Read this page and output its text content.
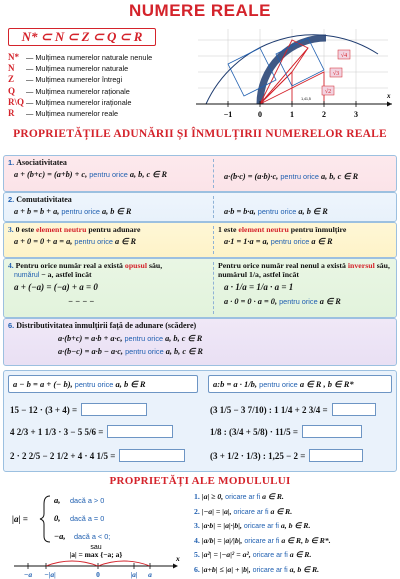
NUMERE REALE
N* ⊂ N ⊂ Z ⊂ Q ⊂ R
N* — Mulțimea numerelor naturale nenule
N — Mulțimea numerelor naturale
Z — Mulțimea numerelor întregi
Q — Mulțimea numerelor raționale
R\Q — Mulțimea numerelor iraționale
R — Mulțimea numerelor reale
√4
√3
√2
−1	0	1	2	3
1,41,5	x
PROPRIETĂȚILE ADUNĂRII ȘI ÎNMULȚIRII NUMERELOR REALE
1. Asociativitatea
a + (b+c) = (a+b) + c, pentru orice a, b, c ∈ R	a·(b·c) = (a·b)·c, pentru orice a, b, c ∈ R
2. Comutativitatea
a + b = b + a, pentru orice a, b ∈ R	a·b = b·a, pentru orice a, b ∈ R
3. 0 este element neutru pentru adunare
a + 0 = 0 + a = a, pentru orice a ∈ R
1 este element neutru pentru înmulțire
a·1 = 1·a = a, pentru orice a ∈ R
4. Pentru orice număr real a există opusul său,
numărul − a, astfel încât
a + (−a) = (−a) + a = 0
− − − −
Pentru orice număr real nenul a există inversul său, numărul 1/a, astfel încât
a · 1/a = 1/a · a = 1
a · 0 = 0 · a = 0, pentru orice a ∈ R
6. Distributivitatea înmulțirii față de adunare (scădere)
a·(b+c) = a·b + a·c, pentru orice a, b, c ∈ R
a·(b−c) = a·b − a·c, pentru orice a, b, c ∈ R
a − b = a + (− b), pentru orice a, b ∈ R	a:b = a · 1/b, pentru orice a ∈ R , b ∈ R*
15 − 12 · (3 + 4) =
4 2/3 + 1 1/3 · 3 − 5 5/6 =
2 · 2 2/5 − 2 1/2 + 4 · 4 1/5 =
(3 1/5 − 3 7/10) : 1 1/4 + 2 3/4 =
1/8 : (3/4 + 5/8) · 11/5 =
(3 + 1/2 · 1/3) : 1,25 − 2 =
PROPRIETĂȚI ALE MODULULUI
|a| =
a, dacă a > 0
0, dacă a = 0
−a, dacă a < 0;
sau
|a| = max {−a; a}
−a −|a|	0	|a| a
x
1. |a| ≥ 0, oricare ar fi a ∈ R.
2. |−a| = |a|, oricare ar fi a ∈ R.
3. |a·b| = |a|·|b|, oricare ar fi a, b ∈ R.
4. |a/b| = |a|/|b|, oricare ar fi a ∈ R, b ∈ R*.
5. |a²| = |−a|² = a², oricare ar fi a ∈ R.
6. |a+b| ≤ |a| + |b|, oricare ar fi a, b ∈ R.
